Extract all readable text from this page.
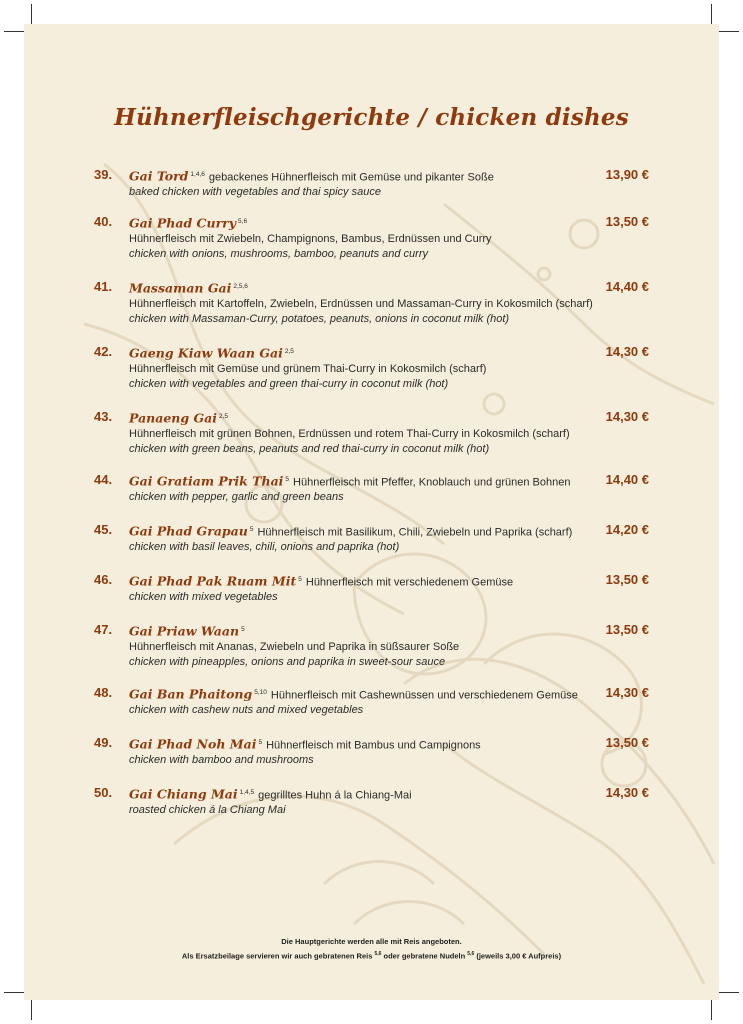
Hühnerfleischgerichte / chicken dishes
39. Gai Tord $^{1,4,6}$ gebackenes Hühnerfleisch mit Gemüse und pikanter Soße
baked chicken with vegetables and thai spicy sauce
13,90 €
40. Gai Phad Curry $^{5,6}$
Hühnerfleisch mit Zwiebeln, Champignons, Bambus, Erdnüssen und Curry
chicken with onions, mushrooms, bamboo, peanuts and curry
13,50 €
41. Massaman Gai $^{2,5,6}$
Hühnerfleisch mit Kartoffeln, Zwiebeln, Erdnüssen und Massaman-Curry in Kokosmilch (scharf)
chicken with Massaman-Curry, potatoes, peanuts, onions in coconut milk (hot)
14,40 €
42. Gaeng Kiaw Waan Gai $^{2,5}$
Hühnerfleisch mit Gemüse und grünem Thai-Curry in Kokosmilch (scharf)
chicken with vegetables and green thai-curry in coconut milk (hot)
14,30 €
43. Panaeng Gai $^{2,5}$
Hühnerfleisch mit grünen Bohnen, Erdnüssen und rotem Thai-Curry in Kokosmilch (scharf)
chicken with green beans, peanuts and red thai-curry in coconut milk (hot)
14,30 €
44. Gai Gratiam Prik Thai $^5$ Hühnerfleisch mit Pfeffer, Knoblauch und grünen Bohnen
chicken with pepper, garlic and green beans
14,40 €
45. Gai Phad Grapau $^5$ Hühnerfleisch mit Basilikum, Chili, Zwiebeln und Paprika (scharf)
chicken with basil leaves, chili, onions and paprika (hot)
14,20 €
46. Gai Phad Pak Ruam Mit $^5$ Hühnerfleisch mit verschiedenem Gemüse
chicken with mixed vegetables
13,50 €
47. Gai Priaw Waan $^5$
Hühnerfleisch mit Ananas, Zwiebeln und Paprika in süßsaurer Soße
chicken with pineapples, onions and paprika in sweet-sour sauce
13,50 €
48. Gai Ban Phaitong $^{5,10}$ Hühnerfleisch mit Cashewnüssen und verschiedenem Gemüse
chicken with cashew nuts and mixed vegetables
14,30 €
49. Gai Phad Noh Mai $^5$ Hühnerfleisch mit Bambus und Campignons
chicken with bamboo and mushrooms
13,50 €
50. Gai Chiang Mai $^{1,4,5}$ gegrilltes Huhn á la Chiang-Mai
roasted chicken á la Chiang Mai
14,30 €
Die Hauptgerichte werden alle mit Reis angeboten.
Als Ersatzbeilage servieren wir auch gebratenen Reis $^{5,6}$ oder gebratene Nudeln $^{5,6}$ (jeweils 3,00 € Aufpreis)
